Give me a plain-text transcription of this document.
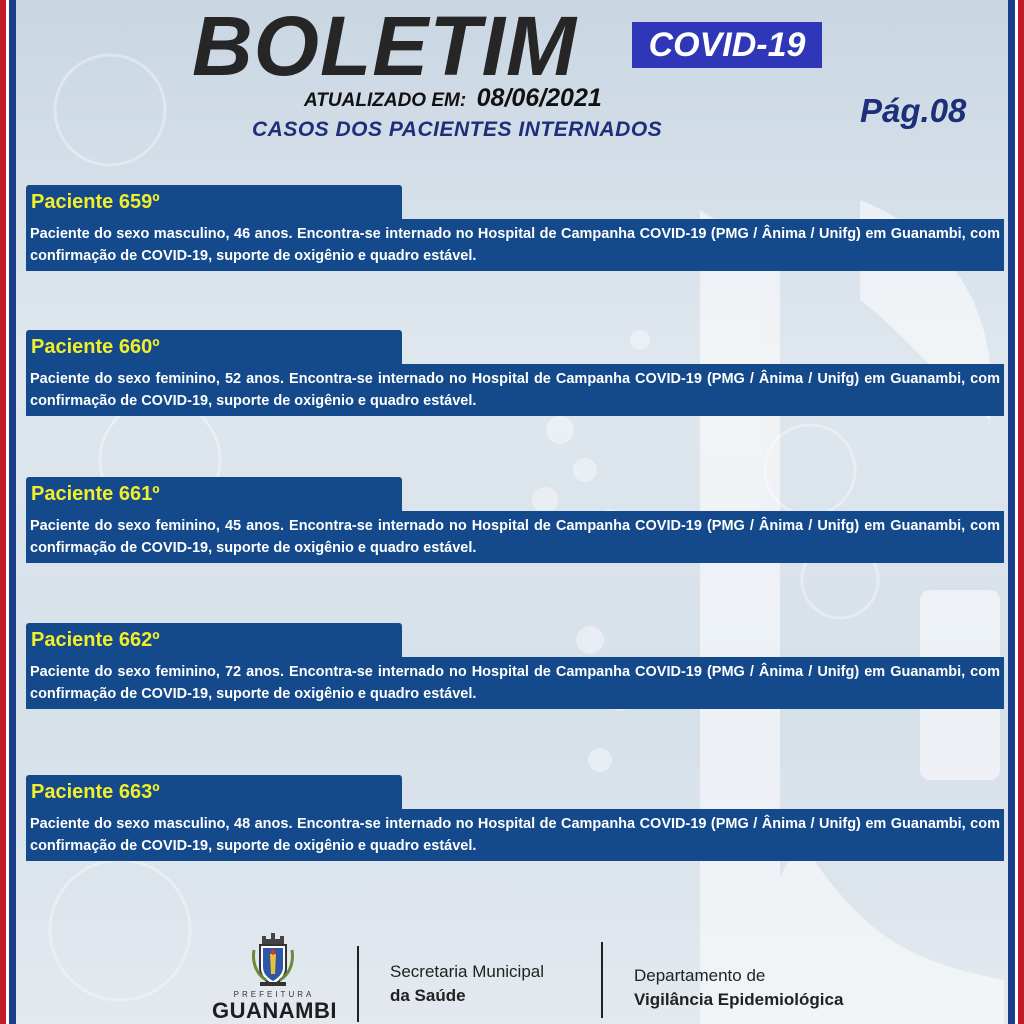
BOLETIM	COVID-19
ATUALIZADO EM: 08/06/2021
CASOS DOS PACIENTES INTERNADOS
Pág.08
Paciente 659º
Paciente do sexo masculino, 46 anos. Encontra-se internado no Hospital de Campanha COVID-19 (PMG / Ânima / Unifg) em Guanambi, com confirmação de COVID-19, suporte de oxigênio e quadro estável.
Paciente 660º
Paciente do sexo feminino, 52 anos. Encontra-se internado no Hospital de Campanha COVID-19 (PMG / Ânima / Unifg) em Guanambi, com confirmação de COVID-19, suporte de oxigênio e quadro estável.
Paciente 661º
Paciente do sexo feminino, 45 anos. Encontra-se internado no Hospital de Campanha COVID-19 (PMG / Ânima / Unifg) em Guanambi, com confirmação de COVID-19, suporte de oxigênio e quadro estável.
Paciente 662º
Paciente do sexo feminino, 72 anos. Encontra-se internado no Hospital de Campanha COVID-19 (PMG / Ânima / Unifg) em Guanambi, com confirmação de COVID-19, suporte de oxigênio e quadro estável.
Paciente 663º
Paciente do sexo masculino, 48 anos. Encontra-se internado no Hospital de Campanha COVID-19 (PMG / Ânima / Unifg) em Guanambi, com confirmação de COVID-19, suporte de oxigênio e quadro estável.
PREFEITURA
GUANAMBI
Secretaria Municipal
da Saúde
Departamento de
Vigilância Epidemiológica
